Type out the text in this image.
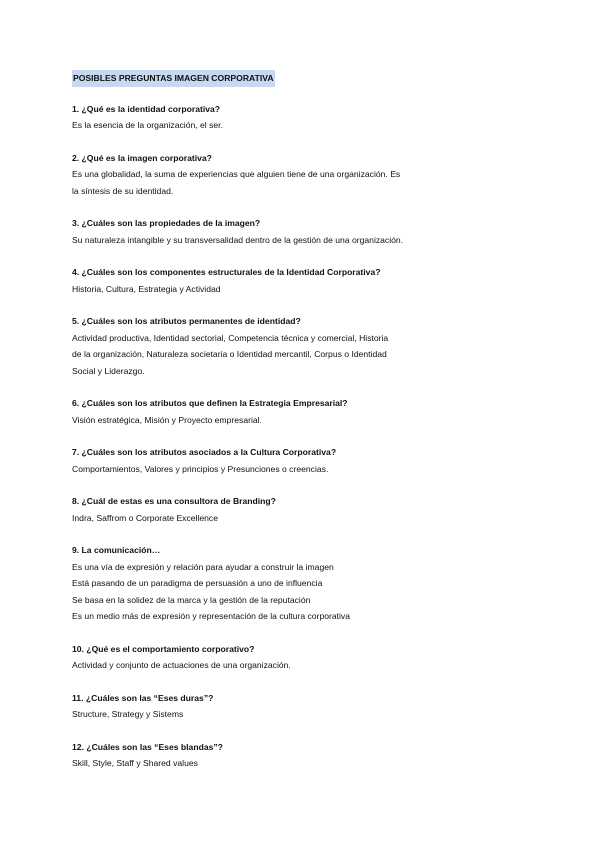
POSIBLES PREGUNTAS IMAGEN CORPORATIVA
1. ¿Qué es la identidad corporativa?
Es la esencia de la organización, el ser.
2. ¿Qué es la imagen corporativa?
Es una globalidad, la suma de experiencias que alguien tiene de una organización. Es
la síntesis de su identidad.
3. ¿Cuáles son las propiedades de la imagen?
Su naturaleza intangible y su transversalidad dentro de la gestión de una organización.
4. ¿Cuáles son los componentes estructurales de la Identidad Corporativa?
Historia, Cultura, Estrategia y Actividad
5. ¿Cuáles son los atributos permanentes de identidad?
Actividad productiva, Identidad sectorial, Competencia técnica y comercial, Historia
de la organización, Naturaleza societaria o Identidad mercantil, Corpus o Identidad
Social y Liderazgo.
6. ¿Cuáles son los atributos que definen la Estrategia Empresarial?
Visión estratégica, Misión y Proyecto empresarial.
7. ¿Cuáles son los atributos asociados a la Cultura Corporativa?
Comportamientos, Valores y principios y Presunciones o creencias.
8. ¿Cuál de estas es una consultora de Branding?
Indra, Saffrom o Corporate Excellence
9. La comunicación…
Es una vía de expresión y relación para ayudar a construir la imagen
Está pasando de un paradigma de persuasión a uno de influencia
Se basa en la solidez de la marca y la gestión de la reputación
Es un medio más de expresión y representación de la cultura corporativa
10. ¿Qué es el comportamiento corporativo?
Actividad y conjunto de actuaciones de una organización.
11. ¿Cuáles son las “Eses duras”?
Structure, Strategy y Sistems
12. ¿Cuáles son las “Eses blandas”?
Skill, Style, Staff y Shared values
